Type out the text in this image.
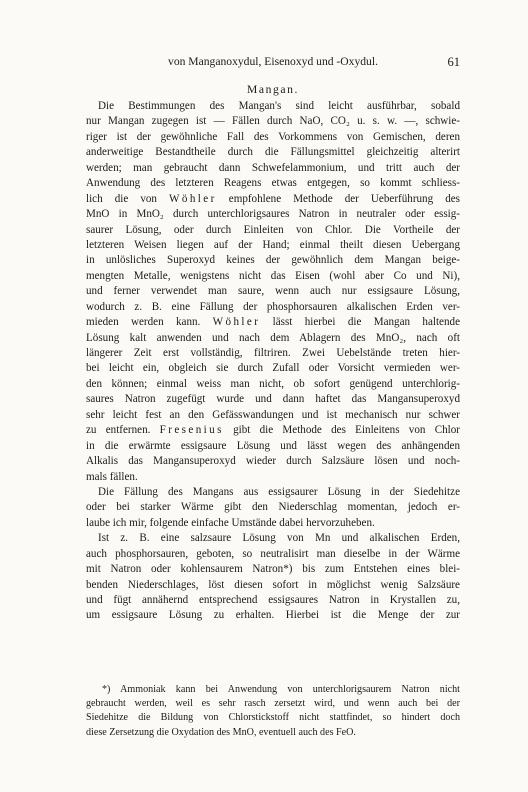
von Manganoxydul, Eisenoxyd und -Oxydul.	61
Mangan.
Die Bestimmungen des Mangan's sind leicht ausführbar, sobald
nur Mangan zugegen ist — Fällen durch NaO, CO₂ u. s. w. —, schwie-
riger ist der gewöhnliche Fall des Vorkommens von Gemischen, deren
anderweitige Bestandtheile durch die Fällungsmittel gleichzeitig alterirt
werden; man gebraucht dann Schwefelammonium, und tritt auch der
Anwendung des letzteren Reagens etwas entgegen, so kommt schliess-
lich die von Wöhler empfohlene Methode der Ueberführung des
MnO in MnO₂ durch unterchlorigsaures Natron in neutraler oder essig-
saurer Lösung, oder durch Einleiten von Chlor. Die Vortheile der
letzteren Weisen liegen auf der Hand; einmal theilt diesen Uebergang
in unlösliches Superoxyd keines der gewöhnlich dem Mangan beige-
mengten Metalle, wenigstens nicht das Eisen (wohl aber Co und Ni),
und ferner verwendet man saure, wenn auch nur essigsaure Lösung,
wodurch z. B. eine Fällung der phosphorsauren alkalischen Erden ver-
mieden werden kann. Wöhler lässt hierbei die Mangan haltende
Lösung kalt anwenden und nach dem Ablagern des MnO₂, nach oft
längerer Zeit erst vollständig, filtriren. Zwei Uebelstände treten hier-
bei leicht ein, obgleich sie durch Zufall oder Vorsicht vermieden wer-
den können; einmal weiss man nicht, ob sofort genügend unterchlorig-
saures Natron zugefügt wurde und dann haftet das Mangansuperoxyd
sehr leicht fest an den Gefässwandungen und ist mechanisch nur schwer
zu entfernen. Fresenius gibt die Methode des Einleitens von Chlor
in die erwärmte essigsaure Lösung und lässt wegen des anhängenden
Alkalis das Mangansuperoxyd wieder durch Salzsäure lösen und noch-
mals fällen.
Die Fällung des Mangans aus essigsaurer Lösung in der Siedehitze
oder bei starker Wärme gibt den Niederschlag momentan, jedoch er-
laube ich mir, folgende einfache Umstände dabei hervorzuheben.
Ist z. B. eine salzsaure Lösung von Mn und alkalischen Erden,
auch phosphorsauren, geboten, so neutralisirt man dieselbe in der Wärme
mit Natron oder kohlensaurem Natron*) bis zum Entstehen eines blei-
benden Niederschlages, löst diesen sofort in möglichst wenig Salzsäure
und fügt annähernd entsprechend essigsaures Natron in Krystallen zu,
um essigsaure Lösung zu erhalten. Hierbei ist die Menge der zur
*) Ammoniak kann bei Anwendung von unterchlorigsaurem Natron nicht
gebraucht werden, weil es sehr rasch zersetzt wird, und wenn auch bei der
Siedehitze die Bildung von Chlorstickstoff nicht stattfindet, so hindert doch
diese Zersetzung die Oxydation des MnO, eventuell auch des FeO.
